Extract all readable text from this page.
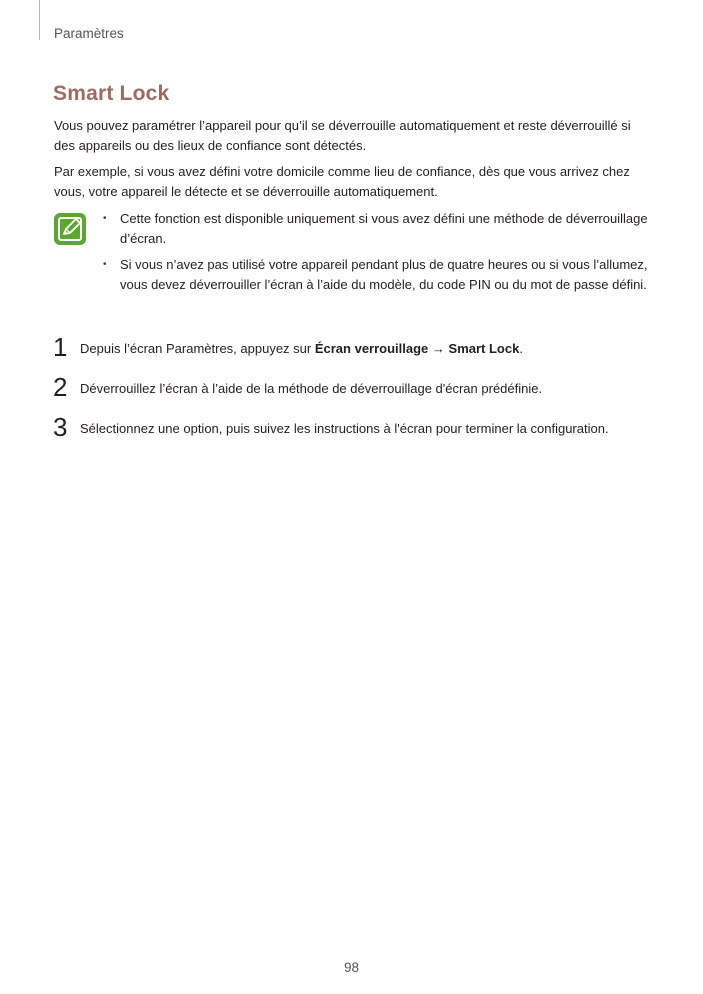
Paramètres
Smart Lock

Vous pouvez paramétrer l’appareil pour qu’il se déverrouille automatiquement et reste déverrouillé si des appareils ou des lieux de confiance sont détectés.

Par exemple, si vous avez défini votre domicile comme lieu de confiance, dès que vous arrivez chez vous, votre appareil le détecte et se déverrouille automatiquement.

•	Cette fonction est disponible uniquement si vous avez défini une méthode de déverrouillage d’écran.
•	Si vous n’avez pas utilisé votre appareil pendant plus de quatre heures ou si vous l’allumez, vous devez déverrouiller l’écran à l’aide du modèle, du code PIN ou du mot de passe défini.
1 Depuis l’écran Paramètres, appuyez sur Écran verrouillage → Smart Lock.
2 Déverrouillez l’écran à l’aide de la méthode de déverrouillage d'écran prédéfinie.
3 Sélectionnez une option, puis suivez les instructions à l'écran pour terminer la configuration.
98
